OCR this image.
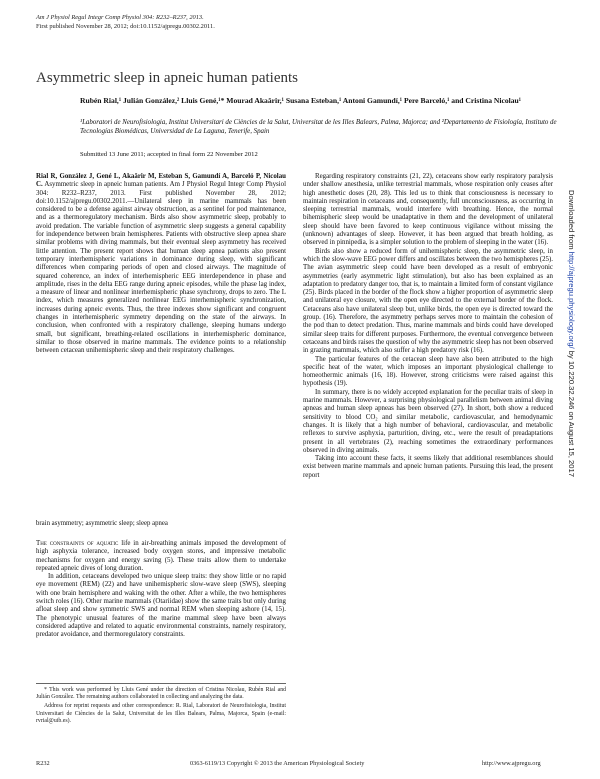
Am J Physiol Regul Integr Comp Physiol 304: R232–R237, 2013.
First published November 28, 2012; doi:10.1152/ajpregu.00302.2011.
Asymmetric sleep in apneic human patients
Rubén Rial,¹ Julián González,² Lluis Gené,¹* Mourad Akaârir,¹ Susana Esteban,¹ Antoni Gamundí,¹ Pere Barceló,¹ and Cristina Nicolau¹
¹Laboratori de Neurofisiologia, Institut Universitari de Ciències de la Salut, Universitat de les Illes Balears, Palma, Majorca; and ²Departamento de Fisiología, Instituto de Tecnologías Biomédicas, Universidad de La Laguna, Tenerife, Spain
Submitted 13 June 2011; accepted in final form 22 November 2012

Rial R, González J, Gené L, Akaârir M, Esteban S, Gamundí A, Barceló P, Nicolau C. Asymmetric sleep in apneic human patients. Am J Physiol Regul Integr Comp Physiol 304: R232–R237, 2013. First published November 28, 2012; doi:10.1152/ajpregu.00302.2011.—Unilateral sleep in marine mammals has been considered to be a defense against airway obstruction, as a sentinel for pod maintenance, and as a thermoregulatory mechanism. Birds also show asymmetric sleep, probably to avoid predation. The variable function of asymmetric sleep suggests a general capability for independence between brain hemispheres. Patients with obstructive sleep apnea share similar problems with diving mammals, but their eventual sleep asymmetry has received little attention. The present report shows that human sleep apnea patients also present temporary interhemispheric variations in dominance during sleep, with significant differences when comparing periods of open and closed airways. The magnitude of squared coherence, an index of interhemispheric EEG interdependence in phase and amplitude, rises in the delta EEG range during apneic episodes, while the phase lag index, a measure of linear and nonlinear interhemispheric phase synchrony, drops to zero. The L index, which measures generalized nonlinear EEG interhemispheric synchronization, increases during apneic events. Thus, the three indexes show significant and congruent changes in interhemispheric symmetry depending on the state of the airways. In conclusion, when confronted with a respiratory challenge, sleeping humans undergo small, but significant, breathing-related oscillations in interhemispheric dominance, similar to those observed in marine mammals. The evidence points to a relationship between cetacean unihemispheric sleep and their respiratory challenges.

brain asymmetry; asymmetric sleep; sleep apnea

The constraints of aquatic life in air-breathing animals imposed the development of high asphyxia tolerance, increased body oxygen stores, and impressive metabolic mechanisms for oxygen and energy saving (5). These traits allow them to undertake repeated apneic dives of long duration.

In addition, cetaceans developed two unique sleep traits: they show little or no rapid eye movement (REM) (22) and have unihemispheric slow-wave sleep (SWS), sleeping with one brain hemisphere and waking with the other. After a while, the two hemispheres switch roles (16). Other marine mammals (Otariidae) show the same traits but only during afloat sleep and show symmetric SWS and normal REM when sleeping ashore (14, 15). The phenotypic unusual features of the marine mammal sleep have been always considered adaptive and related to aquatic environmental constraints, namely respiratory, predator avoidance, and thermoregulatory constraints.

* This work was performed by Lluis Gené under the direction of Cristina Nicolau, Rubén Rial and Julián González. The remaining authors collaborated in collecting and analyzing the data.

Address for reprint requests and other correspondence: R. Rial, Laboratori de Neurofisiologia, Institut Universitari de Ciències de la Salut, Universitat de les Illes Balears, Palma, Majorca, Spain (e-mail: rvrial@uib.es).

Regarding respiratory constraints (21, 22), cetaceans show early respiratory paralysis under shallow anesthesia, unlike terrestrial mammals, whose respiration only ceases after high anesthetic doses (20, 28). This led us to think that consciousness is necessary to maintain respiration in cetaceans and, consequently, full unconsciousness, as occurring in sleeping terrestrial mammals, would interfere with breathing. Hence, the normal bihemispheric sleep would be unadaptative in them and the development of unilateral sleep should have been favored to keep continuous vigilance without missing the (unknown) advantages of sleep. However, it has been argued that breath holding, as observed in pinnipedia, is a simpler solution to the problem of sleeping in the water (16).

Birds also show a reduced form of unihemispheric sleep, the asymmetric sleep, in which the slow-wave EEG power differs and oscillates between the two hemispheres (25). The avian asymmetric sleep could have been developed as a result of embryonic asymmetries (early asymmetric light stimulation), but also has been explained as an adaptation to predatory danger too, that is, to maintain a limited form of constant vigilance (25). Birds placed in the border of the flock show a higher proportion of asymmetric sleep and unilateral eye closure, with the open eye directed to the external border of the flock. Cetaceans also have unilateral sleep but, unlike birds, the open eye is directed toward the group. (16). Therefore, the asymmetry perhaps serves more to maintain the cohesion of the pod than to detect predation. Thus, marine mammals and birds could have developed similar sleep traits for different purposes. Furthermore, the eventual convergence between cetaceans and birds raises the question of why the asymmetric sleep has not been observed in grazing mammals, which also suffer a high predatory risk (16).

The particular features of the cetacean sleep have also been attributed to the high specific heat of the water, which imposes an important physiological challenge to homeothermic animals (16, 18). However, strong criticisms were raised against this hypothesis (19).

In summary, there is no widely accepted explanation for the peculiar traits of sleep in marine mammals. However, a surprising physiological parallelism between animal diving apneas and human sleep apneas has been observed (27). In short, both show a reduced sensitivity to blood CO₂ and similar metabolic, cardiovascular, and hemodynamic changes. It is likely that a high number of behavioral, cardiovascular, and metabolic reflexes to survive asphyxia, parturition, diving, etc., were the result of preadaptations present in all vertebrates (2), reaching sometimes the extraordinary performances observed in diving animals.

Taking into account these facts, it seems likely that additional resemblances should exist between marine mammals and apneic human patients. Pursuing this lead, the present report

R232	0363-6119/13 Copyright © 2013 the American Physiological Society	http://www.ajpregu.org
Downloaded from http://ajpregu.physiology.org/ by 10.220.32.246 on August 15, 2017
